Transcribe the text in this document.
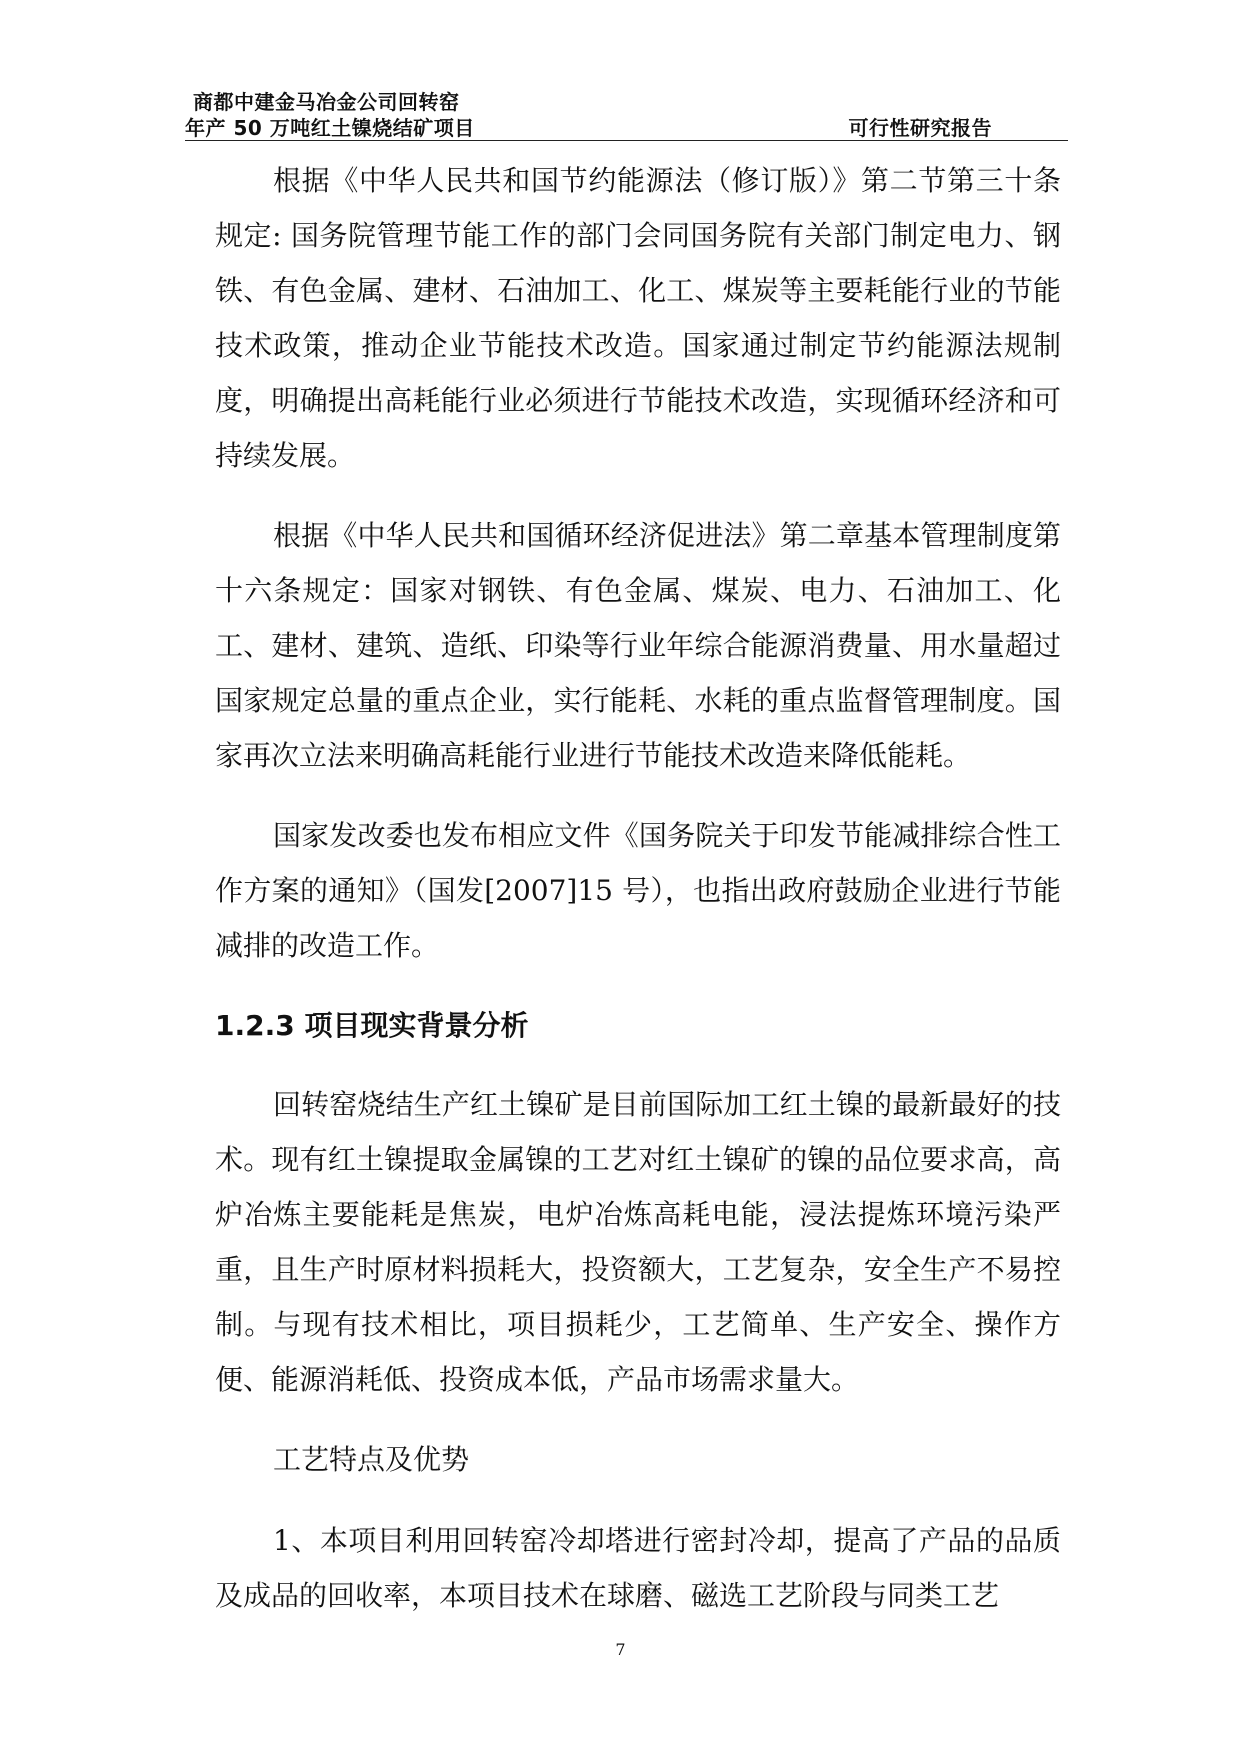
商都中建金马冶金公司回转窑
年产 50 万吨红土镍烧结矿项目	可行性研究报告

根据《中华人民共和国节约能源法（修订版）》第二节第三十条规定: 国务院管理节能工作的部门会同国务院有关部门制定电力、钢铁、有色金属、建材、石油加工、化工、煤炭等主要耗能行业的节能技术政策，推动企业节能技术改造。国家通过制定节约能源法规制度，明确提出高耗能行业必须进行节能技术改造，实现循环经济和可持续发展。

根据《中华人民共和国循环经济促进法》第二章基本管理制度第十六条规定：国家对钢铁、有色金属、煤炭、电力、石油加工、化工、建材、建筑、造纸、印染等行业年综合能源消费量、用水量超过国家规定总量的重点企业，实行能耗、水耗的重点监督管理制度。国家再次立法来明确高耗能行业进行节能技术改造来降低能耗。

国家发改委也发布相应文件《国务院关于印发节能减排综合性工作方案的通知》（国发[2007]15 号），也指出政府鼓励企业进行节能减排的改造工作。

1.2.3 项目现实背景分析

回转窑烧结生产红土镍矿是目前国际加工红土镍的最新最好的技术。现有红土镍提取金属镍的工艺对红土镍矿的镍的品位要求高，高炉冶炼主要能耗是焦炭，电炉冶炼高耗电能，浸法提炼环境污染严重，且生产时原材料损耗大，投资额大，工艺复杂，安全生产不易控制。与现有技术相比，项目损耗少，工艺简单、生产安全、操作方便、能源消耗低、投资成本低，产品市场需求量大。

工艺特点及优势

1、本项目利用回转窑冷却塔进行密封冷却，提高了产品的品质及成品的回收率，本项目技术在球磨、磁选工艺阶段与同类工艺

7
